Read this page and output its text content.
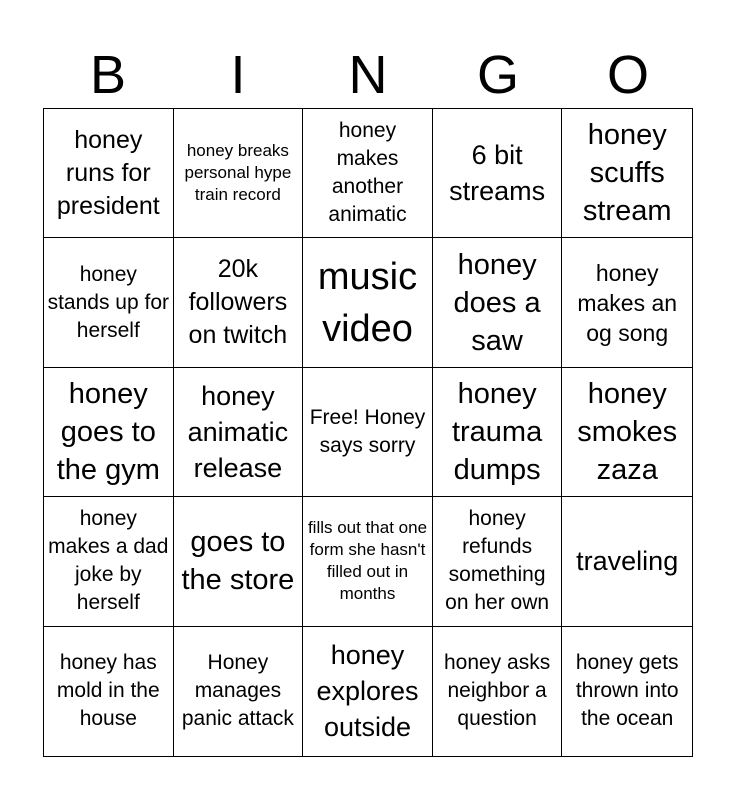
B	I	N	G	O
honey runs for president
honey breaks personal hype train record
honey makes another animatic
6 bit streams
honey scuffs stream
honey stands up for herself
20k followers on twitch
music video
honey does a saw
honey makes an og song
honey goes to the gym
honey animatic release
Free! Honey says sorry
honey trauma dumps
honey smokes zaza
honey makes a dad joke by herself
goes to the store
fills out that one form she hasn't filled out in months
honey refunds something on her own
traveling
honey has mold in the house
Honey manages panic attack
honey explores outside
honey asks neighbor a question
honey gets thrown into the ocean
